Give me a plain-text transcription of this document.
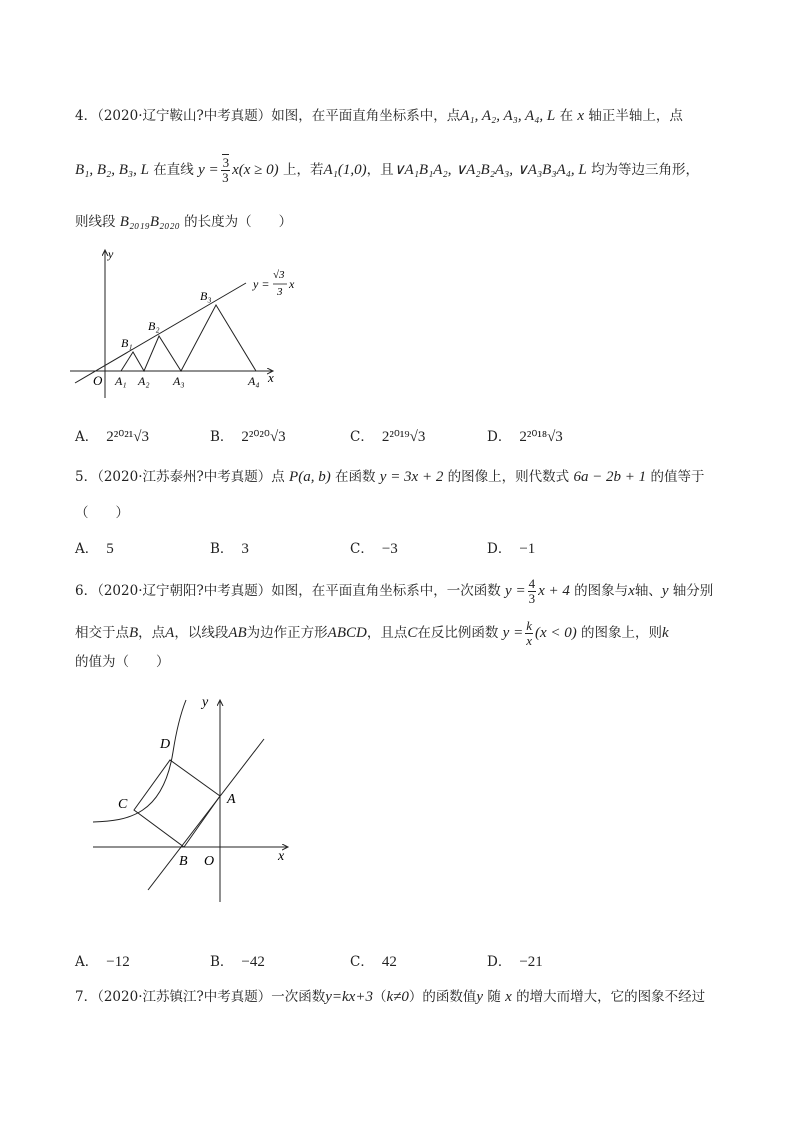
4．（2020·辽宁鞍山?中考真题）如图，在平面直角坐标系中，点A₁, A₂, A₃, A₄, L 在 x 轴正半轴上，点
B₁, B₂, B₃, L 在直线 $y = \frac{3}{3} x(x \ge 0)$ 上，若A₁(1,0)，且∨A₁B₁A₂, ∨A₂B₂A₃, ∨A₃B₃A₄, L 均为等边三角形，
则线段 B₂₀₁₉B₂₀₂₀ 的长度为（　　）
y
x
O A₁ A₂ A₃	A₄
B₁
B₂
B₃
y =
√3
3
x
A． 2²⁰²¹√3	B． 2²⁰²⁰√3	C． 2²⁰¹⁹√3	D． 2²⁰¹⁸√3
5．（2020·江苏泰州?中考真题）点 P(a, b) 在函数 y = 3x + 2 的图像上，则代数式 6a − 2b + 1 的值等于
（　　）
A． 5	B． 3	C． −3	D． −1
6．（2020·辽宁朝阳?中考真题）如图，在平面直角坐标系中，一次函数 $y = \frac{4}{3}$ x + 4 的图象与x轴、y 轴分别
相交于点B，点A，以线段AB为边作正方形ABCD，且点C在反比例函数 $y = \frac{k}{x} (x < 0)$ 的图象上，则k
的值为（　　）
y
x
O
A
B
C
D
A． −12	B． −42	C． 42	D． −21
7．（2020·江苏镇江?中考真题）一次函数y=kx+3（k≠0）的函数值y 随 x 的增大而增大，它的图象不经过
